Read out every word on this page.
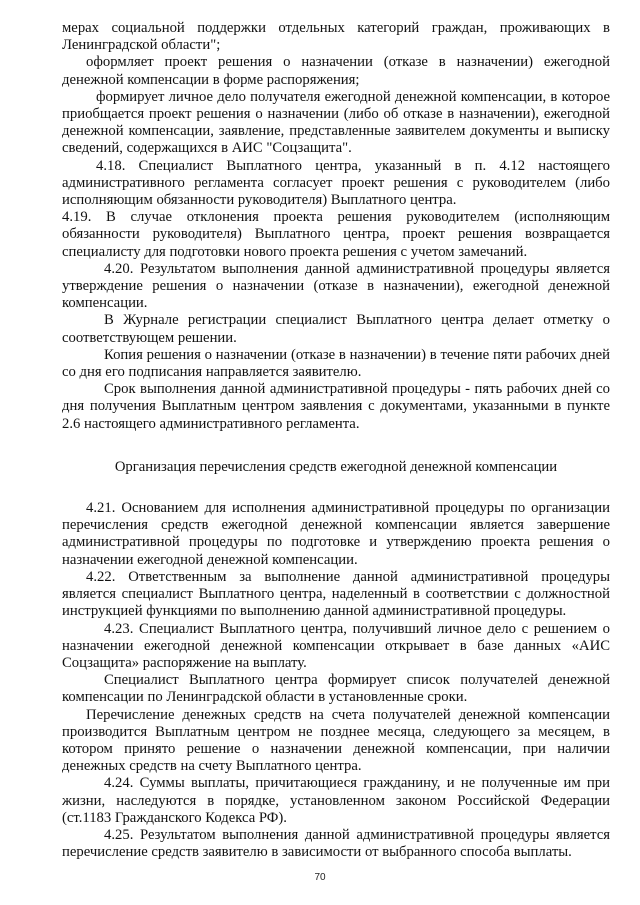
мерах социальной поддержки отдельных категорий граждан, проживающих в Ленинградской области";

оформляет проект решения о назначении (отказе в назначении) ежегодной денежной компенсации в форме распоряжения;

формирует личное дело получателя ежегодной денежной компенсации, в которое приобщается проект решения о назначении (либо об отказе в назначении), ежегодной денежной компенсации, заявление, представленные заявителем документы и выписку сведений, содержащихся в АИС "Соцзащита".

4.18. Специалист Выплатного центра, указанный в п. 4.12 настоящего административного регламента согласует проект решения с руководителем (либо исполняющим обязанности руководителя) Выплатного центра.

4.19. В случае отклонения проекта решения руководителем (исполняющим обязанности руководителя) Выплатного центра, проект решения возвращается специалисту для подготовки нового проекта решения с учетом замечаний.

4.20. Результатом выполнения данной административной процедуры является утверждение решения о назначении (отказе в назначении), ежегодной денежной компенсации.

В Журнале регистрации специалист Выплатного центра делает отметку о соответствующем решении.

Копия решения о назначении (отказе в назначении) в течение пяти рабочих дней со дня его подписания направляется заявителю.

Срок выполнения данной административной процедуры - пять рабочих дней со дня получения Выплатным центром заявления с документами, указанными в пункте 2.6 настоящего административного регламента.

Организация перечисления средств ежегодной денежной компенсации

4.21. Основанием для исполнения административной процедуры по организации перечисления средств ежегодной денежной компенсации является завершение административной процедуры по подготовке и утверждению проекта решения о назначении ежегодной денежной компенсации.

4.22. Ответственным за выполнение данной административной процедуры является специалист Выплатного центра, наделенный в соответствии с должностной инструкцией функциями по выполнению данной административной процедуры.

4.23. Специалист Выплатного центра, получивший личное дело с решением о назначении ежегодной денежной компенсации открывает в базе данных «АИС Соцзащита» распоряжение на выплату.

Специалист Выплатного центра формирует список получателей денежной компенсации по Ленинградской области в установленные сроки.

Перечисление денежных средств на счета получателей денежной компенсации производится Выплатным центром не позднее месяца, следующего за месяцем, в котором принято решение о назначении денежной компенсации, при наличии денежных средств на счету Выплатного центра.

4.24. Суммы выплаты, причитающиеся гражданину, и не полученные им при жизни, наследуются в порядке, установленном законом Российской Федерации (ст.1183 Гражданского Кодекса РФ).

4.25. Результатом выполнения данной административной процедуры является перечисление средств заявителю в зависимости от выбранного способа выплаты.

70
